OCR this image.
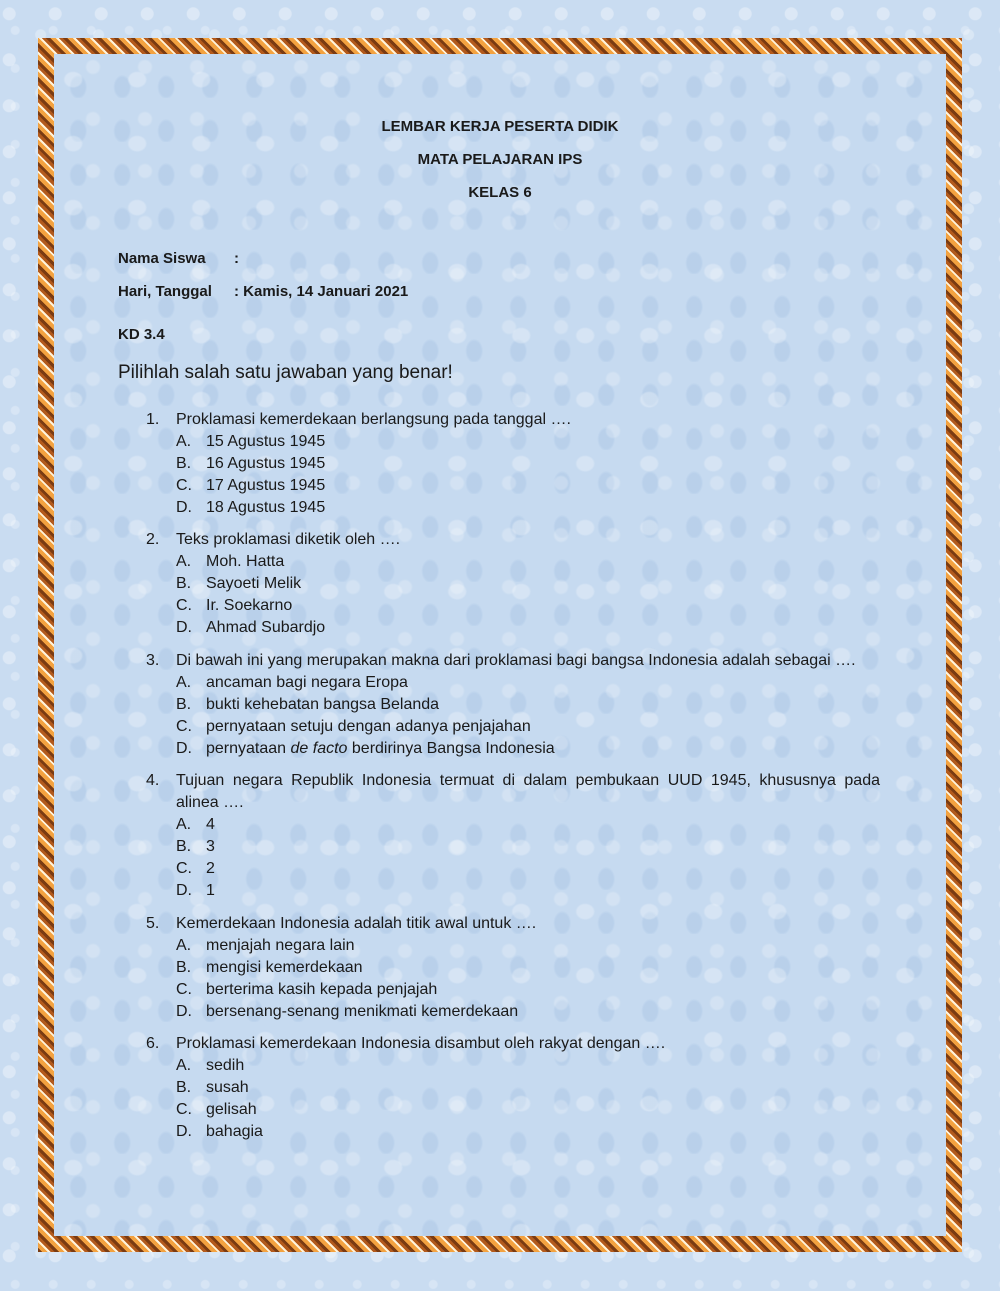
LEMBAR KERJA PESERTA DIDIK
MATA PELAJARAN IPS
KELAS 6
Nama Siswa :
Hari, Tanggal : Kamis, 14 Januari 2021
KD 3.4
Pilihlah salah satu jawaban yang benar!
1.	Proklamasi kemerdekaan berlangsung pada tanggal ….
A. 15 Agustus 1945
B. 16 Agustus 1945
C. 17 Agustus 1945
D. 18 Agustus 1945
2.	Teks proklamasi diketik oleh ….
A. Moh. Hatta
B. Sayoeti Melik
C. Ir. Soekarno
D. Ahmad Subardjo
3.	Di bawah ini yang merupakan makna dari proklamasi bagi bangsa Indonesia adalah sebagai ….
A. ancaman bagi negara Eropa
B. bukti kehebatan bangsa Belanda
C. pernyataan setuju dengan adanya penjajahan
D. pernyataan de facto berdirinya Bangsa Indonesia
4.	Tujuan negara Republik Indonesia termuat di dalam pembukaan UUD 1945, khususnya pada alinea ….
A. 4
B. 3
C. 2
D. 1
5.	Kemerdekaan Indonesia adalah titik awal untuk ….
A. menjajah negara lain
B. mengisi kemerdekaan
C. berterima kasih kepada penjajah
D. bersenang-senang menikmati kemerdekaan
6.	Proklamasi kemerdekaan Indonesia disambut oleh rakyat dengan ….
A. sedih
B. susah
C. gelisah
D. bahagia
